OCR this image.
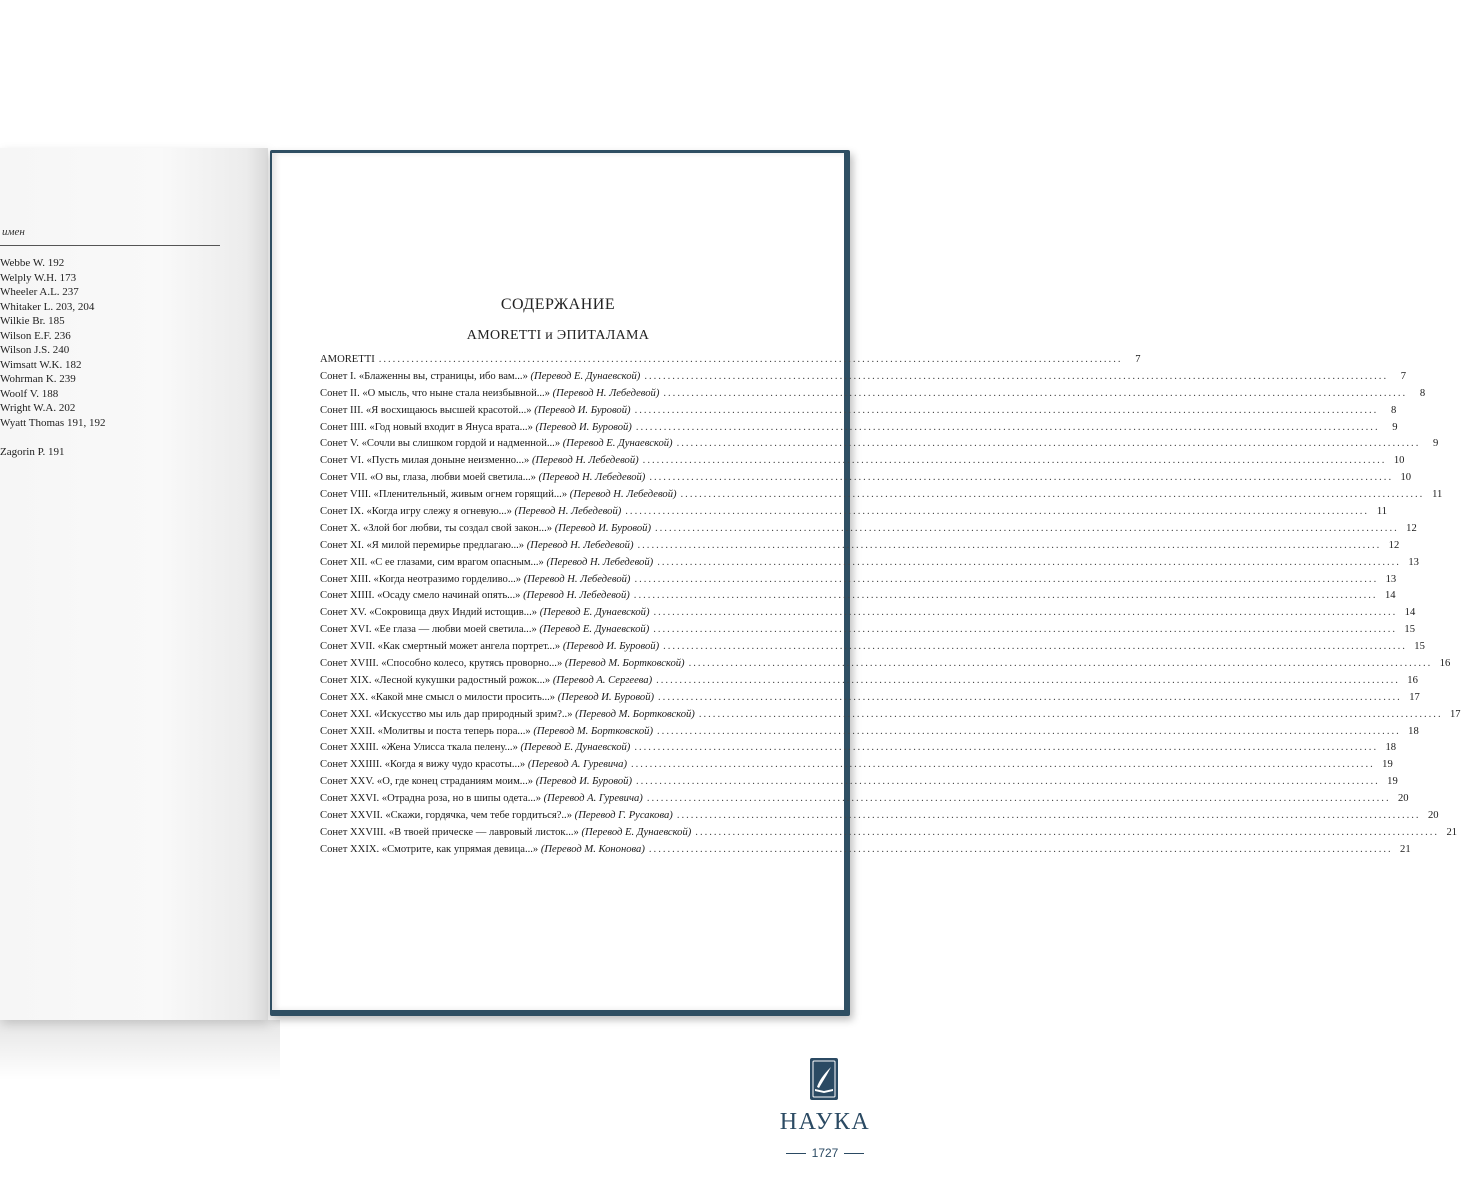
имен
Webbe W. 192
Welply W.H. 173
Wheeler A.L. 237
Whitaker L. 203, 204
Wilkie Br. 185
Wilson E.F. 236
Wilson J.S. 240
Wimsatt W.K. 182
Wohrman K. 239
Woolf V. 188
Wright W.A. 202
Wyatt Thomas 191, 192
Zagorin P. 191
СОДЕРЖАНИЕ
AMORETTI и ЭПИТАЛАМА
AMORETTI .....	7
Сонет I. «Блаженны вы, страницы, ибо вам...» (Перевод Е. Дунаевской) .....	7
Сонет II. «О мысль, что ныне стала неизбывной...» (Перевод Н. Лебедевой) .....	8
Сонет III. «Я восхищаюсь высшей красотой...» (Перевод И. Буровой) .....	8
Сонет IIII. «Год новый входит в Януса врата...» (Перевод И. Буровой) .....	9
Сонет V. «Сочли вы слишком гордой и надменной...» (Перевод Е. Дунаевской) .....	9
Сонет VI. «Пусть милая доныне неизменно...» (Перевод Н. Лебедевой) .....	10
Сонет VII. «О вы, глаза, любви моей светила...» (Перевод Н. Лебедевой) .....	10
Сонет VIII. «Пленительный, живым огнем горящий...» (Перевод Н. Лебедевой) .....	11
Сонет IX. «Когда игру слежу я огневую...» (Перевод Н. Лебедевой) .....	11
Сонет X. «Злой бог любви, ты создал свой закон...» (Перевод И. Буровой) .....	12
Сонет XI. «Я милой перемирье предлагаю...» (Перевод Н. Лебедевой) .....	12
Сонет XII. «С ее глазами, сим врагом опасным...» (Перевод Н. Лебедевой) .....	13
Сонет XIII. «Когда неотразимо горделиво...» (Перевод Н. Лебедевой) .....	13
Сонет XIIII. «Осаду смело начинай опять...» (Перевод Н. Лебедевой) .....	14
Сонет XV. «Сокровища двух Индий истощив...» (Перевод Е. Дунаевской) .....	14
Сонет XVI. «Ее глаза — любви моей светила...» (Перевод Е. Дунаевской) .....	15
Сонет XVII. «Как смертный может ангела портрет...» (Перевод И. Буровой) .....	15
Сонет XVIII. «Способно колесо, крутясь проворно...» (Перевод М. Бортковской) .....	16
Сонет XIX. «Лесной кукушки радостный рожок...» (Перевод А. Сергеева) .....	16
Сонет XX. «Какой мне смысл о милости просить...» (Перевод И. Буровой) .....	17
Сонет XXI. «Искусство мы иль дар природный зрим?..» (Перевод М. Бортковской) .....	17
Сонет XXII. «Молитвы и поста теперь пора...» (Перевод М. Бортковской) .....	18
Сонет XXIII. «Жена Улисса ткала пелену...» (Перевод Е. Дунаевской) .....	18
Сонет XXIIII. «Когда я вижу чудо красоты...» (Перевод А. Гуревича) .....	19
Сонет XXV. «О, где конец страданиям моим...» (Перевод И. Буровой) .....	19
Сонет XXVI. «Отрадна роза, но в шипы одета...» (Перевод А. Гуревича) .....	20
Сонет XXVII. «Скажи, гордячка, чем тебе гордиться?..» (Перевод Г. Русакова) .....	20
Сонет XXVIII. «В твоей прическе — лавровый листок...» (Перевод Е. Дунаевской) .....	21
Сонет XXIX. «Смотрите, как упрямая девица...» (Перевод М. Кононова) .....	21
НАУКА
1727
